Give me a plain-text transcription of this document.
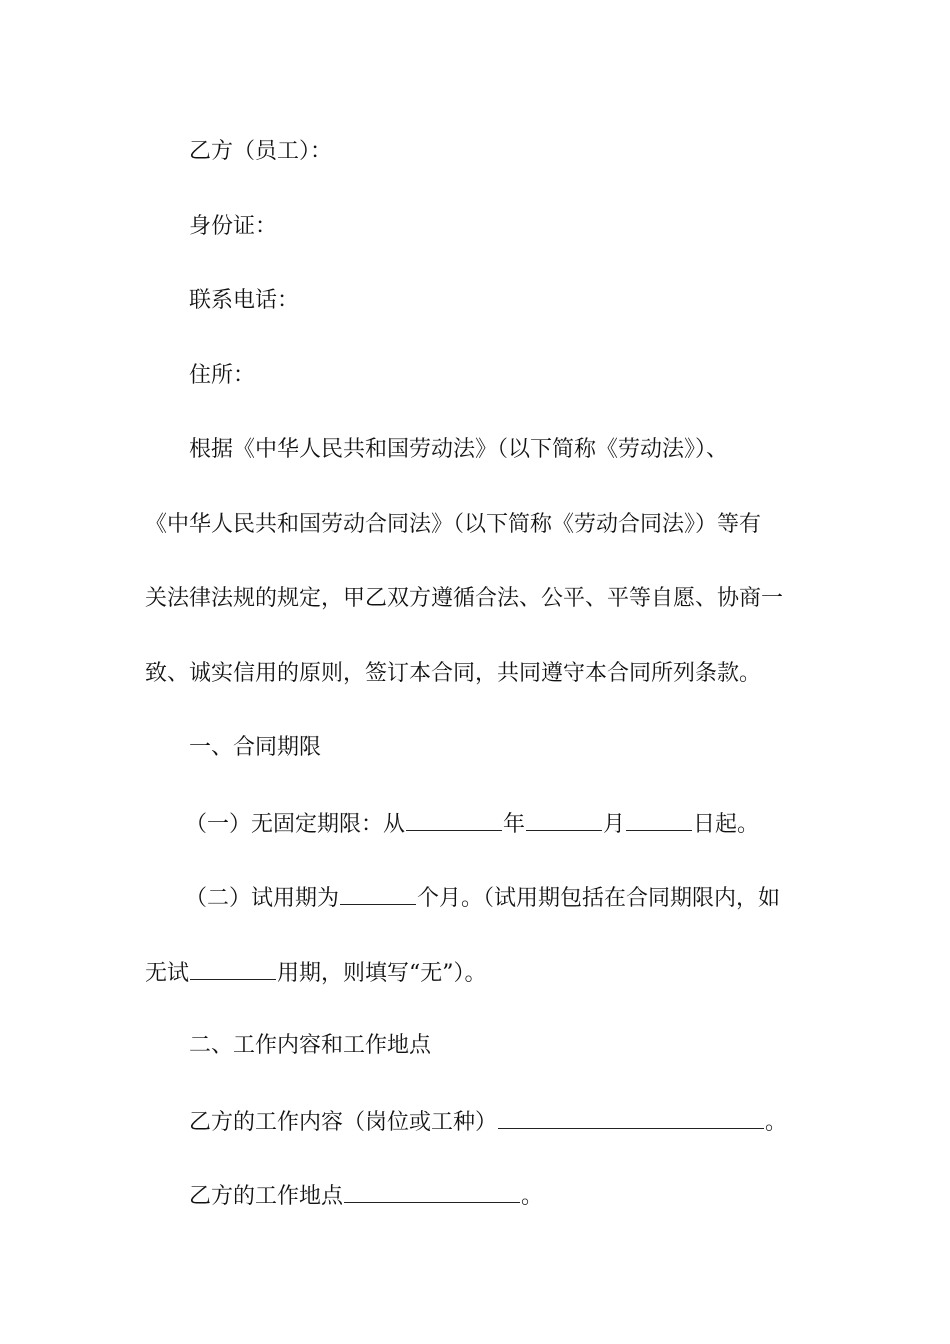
乙方（员工）：
身份证：
联系电话：
住所：
根据《中华人民共和国劳动法》（以下简称《劳动法》）、
《中华人民共和国劳动合同法》（以下简称《劳动合同法》）等有
关法律法规的规定，甲乙双方遵循合法、公平、平等自愿、协商一
致、诚实信用的原则，签订本合同，共同遵守本合同所列条款。
一、合同期限
（一）无固定期限：从	年	月	日起。
（二）试用期为	个月。（试用期包括在合同期限内，如
无试	用期，则填写“无”）。
二、工作内容和工作地点
乙方的工作内容（岗位或工种）	。
乙方的工作地点	。
